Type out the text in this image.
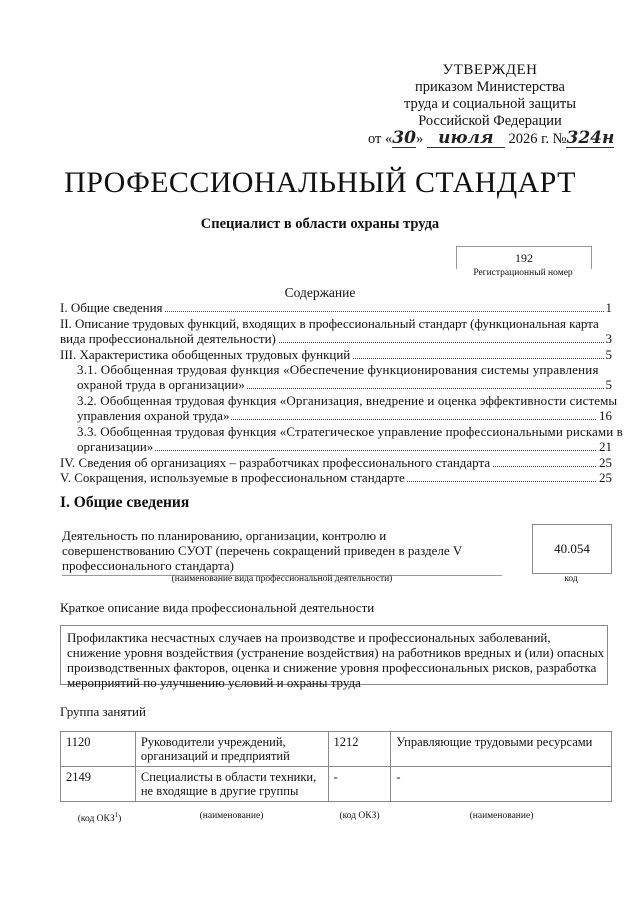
УТВЕРЖДЕН
приказом Министерства
труда и социальной защиты
Российской Федерации
от «30» июля 2026 г. №324н
ПРОФЕССИОНАЛЬНЫЙ СТАНДАРТ
Специалист в области охраны труда
192
Регистрационный номер
Содержание
I. Общие сведения	1
II. Описание трудовых функций, входящих в профессиональный стандарт (функциональная карта
вида профессиональной деятельности)	3
III. Характеристика обобщенных трудовых функций	5
3.1. Обобщенная трудовая функция «Обеспечение функционирования системы управления
охраной труда в организации»	5
3.2. Обобщенная трудовая функция «Организация, внедрение и оценка эффективности системы
управления охраной труда»	16
3.3. Обобщенная трудовая функция «Стратегическое управление профессиональными рисками в
организации»	21
IV. Сведения об организациях – разработчиках профессионального стандарта	25
V. Сокращения, используемые в профессиональном стандарте	25
I. Общие сведения
Деятельность по планированию, организации, контролю и совершенствованию СУОТ (перечень сокращений приведен в разделе V профессионального стандарта)
(наименование вида профессиональной деятельности)
40.054
код
Краткое описание вида профессиональной деятельности
Профилактика несчастных случаев на производстве и профессиональных заболеваний, снижение уровня воздействия (устранение воздействия) на работников вредных и (или) опасных производственных факторов, оценка и снижение уровня профессиональных рисков, разработка мероприятий по улучшению условий и охраны труда
Группа занятий
1120	Руководители учреждений, организаций и предприятий	1212	Управляющие трудовыми ресурсами
2149	Специалисты в области техники, не входящие в другие группы	-	-
(код ОКЗ$^1$)	(наименование)	(код ОКЗ)	(наименование)
